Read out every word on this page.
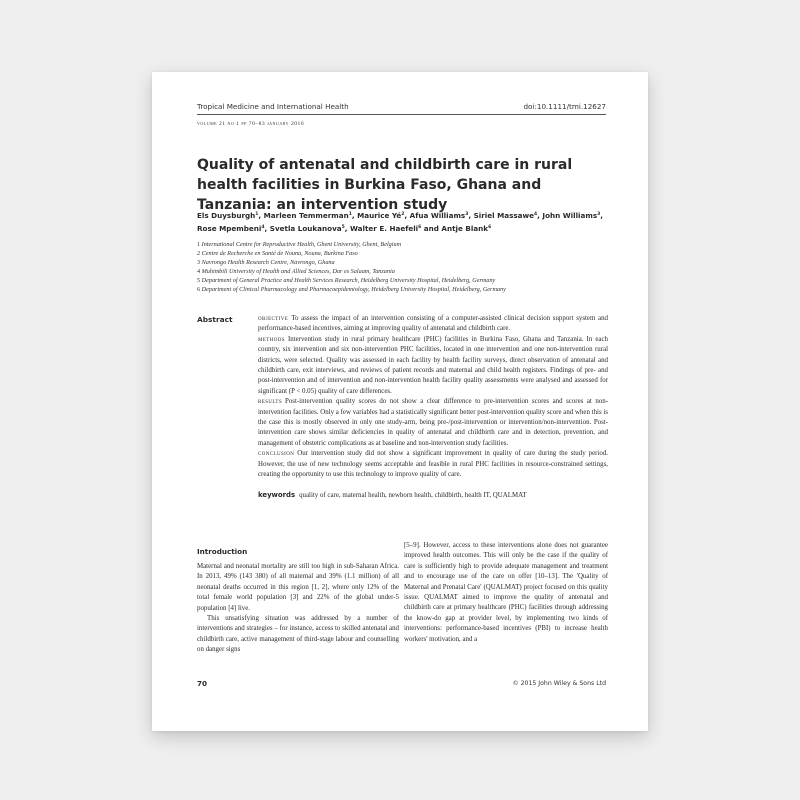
Tropical Medicine and International Health	doi:10.1111/tmi.12627
volume 21 no 1 pp 70–83 january 2016
Quality of antenatal and childbirth care in rural health facilities in Burkina Faso, Ghana and Tanzania: an intervention study
Els Duysburgh$^1$, Marleen Temmerman$^1$, Maurice $Yé^2$, Afua Williams$^3$, Siriel Massawe$^4$, John Williams$^3$,
Rose Mpembeni$^4$, Svetla Loukanova$^5$, Walter E. Haefeli$^6$ and Antje Blank$^6$
1 International Centre for Reproductive Health, Ghent University, Ghent, Belgium
2 Centre de Recherche en Santé de Nouna, Nouna, Burkina Faso
3 Navrongo Health Research Centre, Navrongo, Ghana
4 Muhimbili University of Health and Allied Sciences, Dar es Salaam, Tanzania
5 Department of General Practice and Health Services Research, Heidelberg University Hospital, Heidelberg, Germany
6 Department of Clinical Pharmacology and Pharmacoepidemiology, Heidelberg University Hospital, Heidelberg, Germany
Abstract	objective To assess the impact of an intervention consisting of a computer-assisted clinical decision support system and performance-based incentives, aiming at improving quality of antenatal and childbirth care.

methods Intervention study in rural primary healthcare (PHC) facilities in Burkina Faso, Ghana and Tanzania. In each country, six intervention and six non-intervention PHC facilities, located in one intervention and one non-intervention rural districts, were selected. Quality was assessed in each facility by health facility surveys, direct observation of antenatal and childbirth care, exit interviews, and reviews of patient records and maternal and child health registers. Findings of pre- and post-intervention and of intervention and non-intervention health facility quality assessments were analysed and assessed for significant (P < 0.05) quality of care differences.

results Post-intervention quality scores do not show a clear difference to pre-intervention scores and scores at non-intervention facilities. Only a few variables had a statistically significant better post-intervention quality score and when this is the case this is mostly observed in only one study-arm, being pre-/post-intervention or intervention/non-intervention. Post-intervention care shows similar deficiencies in quality of antenatal and childbirth care and in detection, prevention, and management of obstetric complications as at baseline and non-intervention study facilities.

conclusion Our intervention study did not show a significant improvement in quality of care during the study period. However, the use of new technology seems acceptable and feasible in rural PHC facilities in resource-constrained settings, creating the opportunity to use this technology to improve quality of care.

keywords quality of care, maternal health, newborn health, childbirth, health IT, QUALMAT
Introduction

Maternal and neonatal mortality are still too high in sub-Saharan Africa. In 2013, 49% (143 380) of all maternal and 39% (1.1 million) of all neonatal deaths occurred in this region [1, 2], where only 12% of the total female world population [3] and 22% of the global under-5 population [4] live.

This unsatisfying situation was addressed by a number of interventions and strategies – for instance, access to skilled antenatal and childbirth care, active management of third-stage labour and counselling on danger signs

[5–9]. However, access to these interventions alone does not guarantee improved health outcomes. This will only be the case if the quality of care is sufficiently high to provide adequate management and treatment and to encourage use of the care on offer [10–13]. The 'Quality of Maternal and Prenatal Care' (QUALMAT) project focused on this quality issue. QUALMAT aimed to improve the quality of antenatal and childbirth care at primary healthcare (PHC) facilities through addressing the know-do gap at provider level, by implementing two kinds of interventions: performance-based incentives (PBI) to increase health workers' motivation, and a

70	© 2015 John Wiley & Sons Ltd
